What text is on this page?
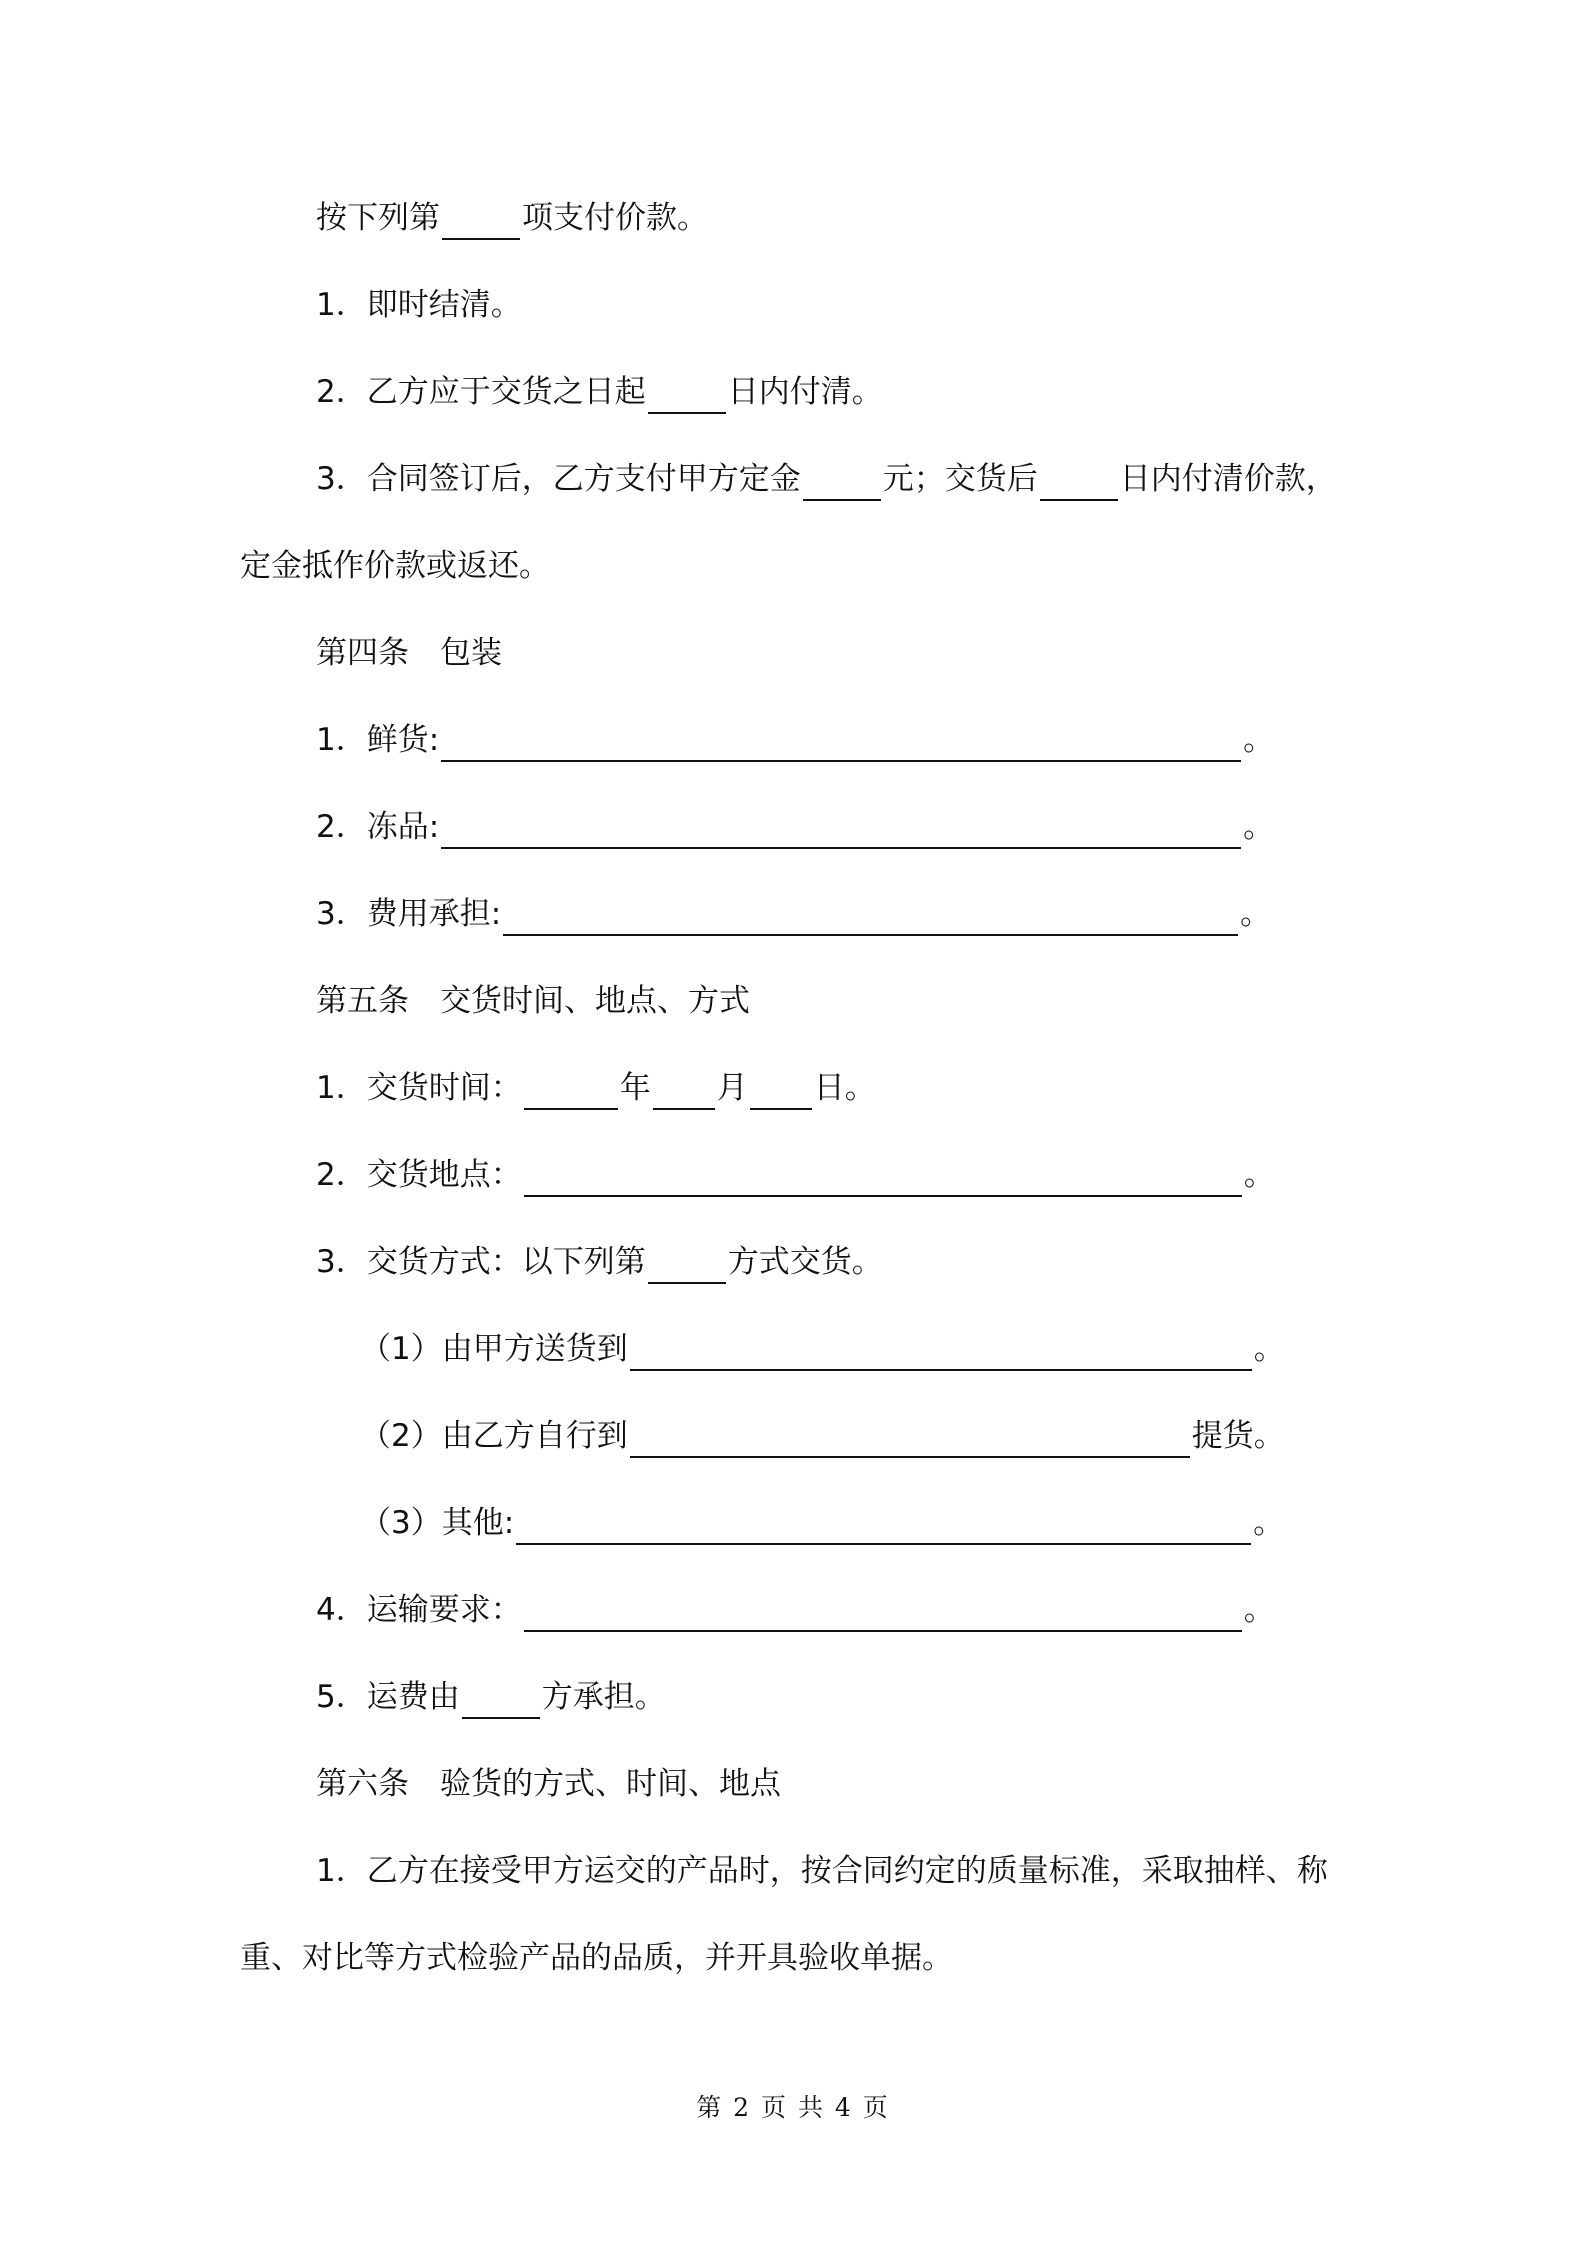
按下列第	项支付价款。
1．即时结清。
2．乙方应于交货之日起	日内付清。
3．合同签订后，乙方支付甲方定金	元；交货后	日内付清价款，
定金抵作价款或返还。
第四条　包装
1．鲜货:	。
2．冻品:	。
3．费用承担:	。
第五条　交货时间、地点、方式
1．交货时间：	年 月 日。
2．交货地点：	。
3．交货方式：以下列第	方式交货。
（1）由甲方送货到	。
（2）由乙方自行到	提货。
（3）其他:	。
4．运输要求：	。
5．运费由	方承担。
第六条　验货的方式、时间、地点
1．乙方在接受甲方运交的产品时，按合同约定的质量标准，采取抽样、称
重、对比等方式检验产品的品质，并开具验收单据。
第 2 页 共 4 页
